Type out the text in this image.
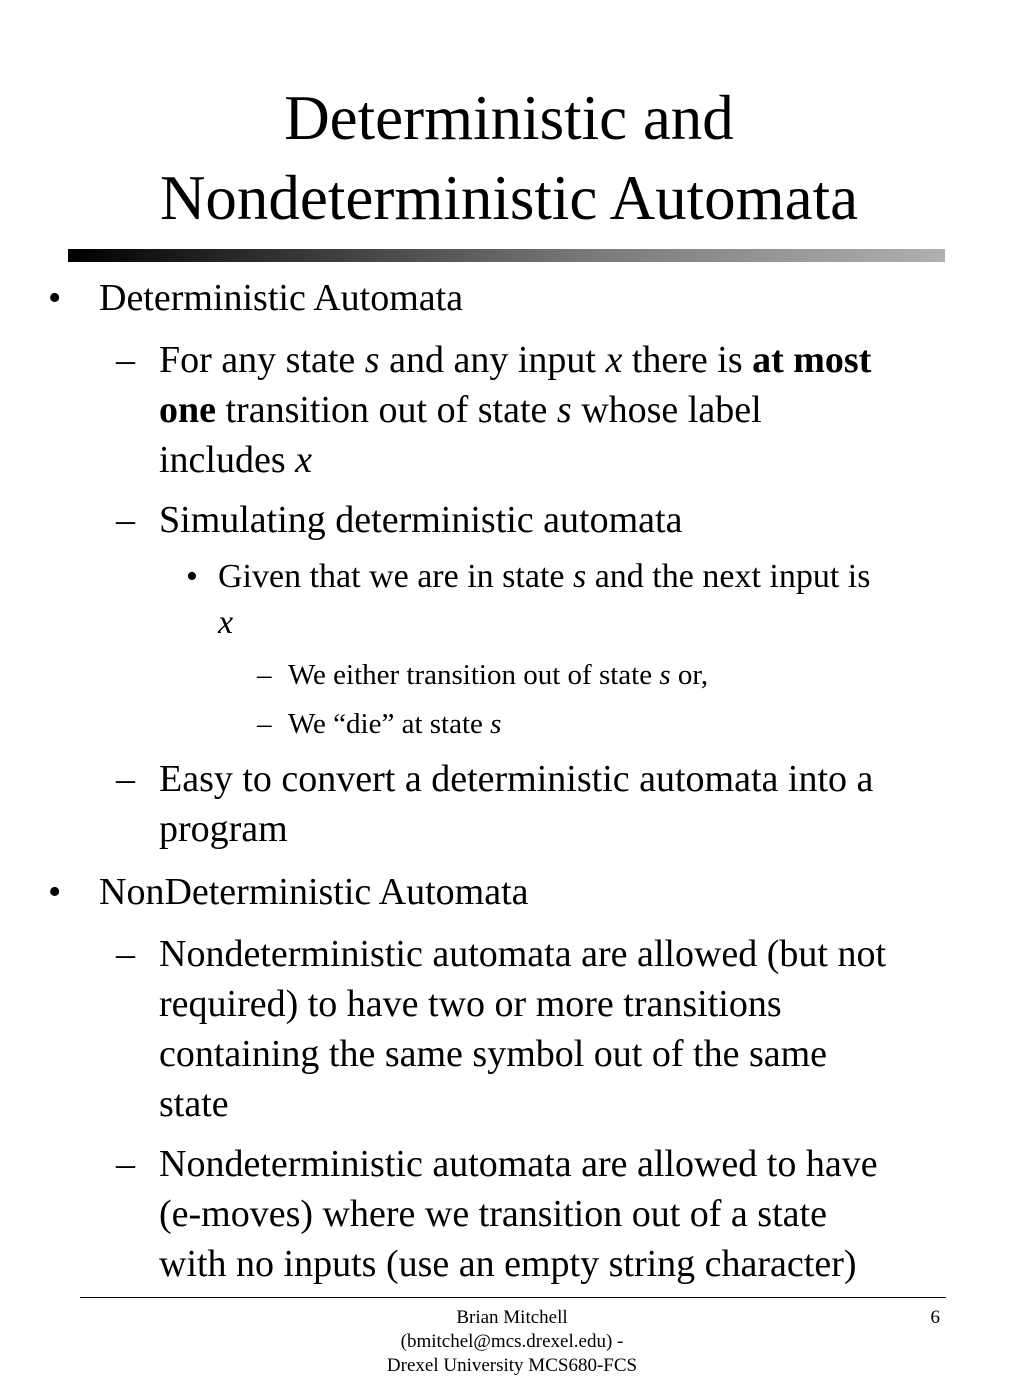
Deterministic and
Nondeterministic Automata
• Deterministic Automata
– For any state s and any input x there is at most
one transition out of state s whose label
includes x
– Simulating deterministic automata
• Given that we are in state s and the next input is
x
– We either transition out of state s or,
– We “die” at state s
– Easy to convert a deterministic automata into a
program
• NonDeterministic Automata
– Nondeterministic automata are allowed (but not
required) to have two or more transitions
containing the same symbol out of the same
state
– Nondeterministic automata are allowed to have
(e-moves) where we transition out of a state
with no inputs (use an empty string character)
Brian Mitchell
(bmitchel@mcs.drexel.edu) -
Drexel University MCS680-FCS
6
